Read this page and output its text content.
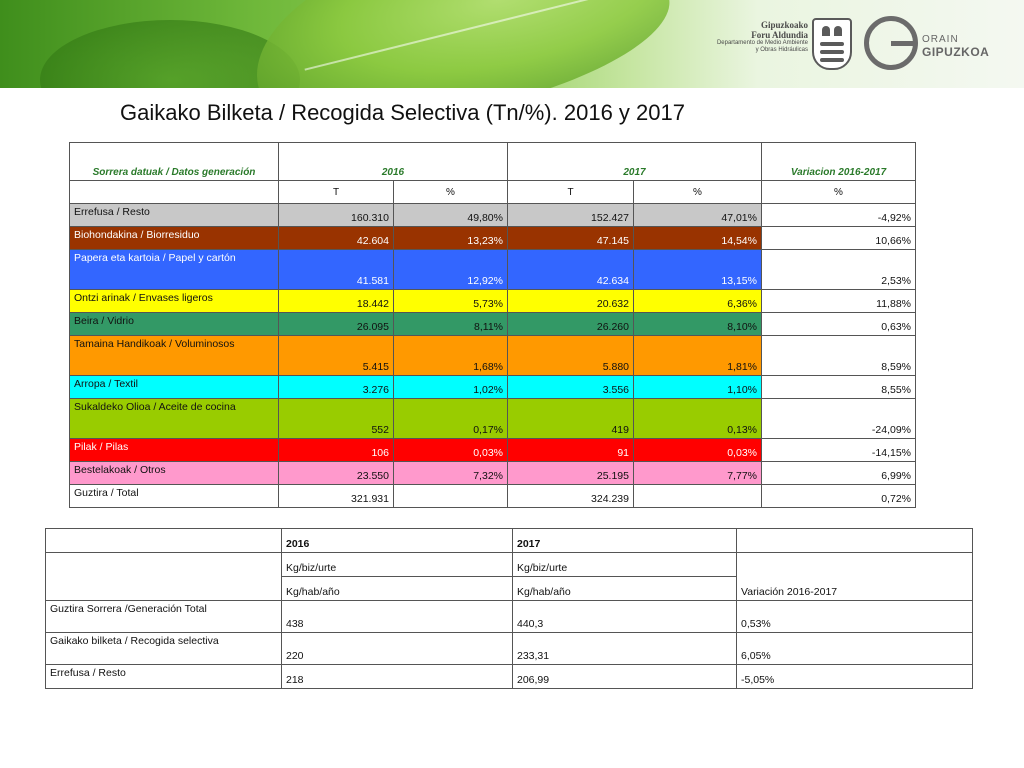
Gipuzkoako
Foru Aldundia
Departamento de Medio Ambiente
y Obras Hidráulicas
ORAIN
GIPUZKOA
Gaikako Bilketa / Recogida Selectiva (Tn/%). 2016 y 2017
Sorrera datuak / Datos generación	2016		2017		Variacion 2016-2017
	T	%	T	%	%
Errefusa / Resto	160.310	49,80%	152.427	47,01%	-4,92%
Biohondakina / Biorresiduo	42.604	13,23%	47.145	14,54%	10,66%
Papera eta kartoia / Papel y cartón	41.581	12,92%	42.634	13,15%	2,53%
Ontzi arinak / Envases ligeros	18.442	5,73%	20.632	6,36%	11,88%
Beira / Vidrio	26.095	8,11%	26.260	8,10%	0,63%
Tamaina Handikoak / Voluminosos	5.415	1,68%	5.880	1,81%	8,59%
Arropa / Textil	3.276	1,02%	3.556	1,10%	8,55%
Sukaldeko Olioa / Aceite de cocina	552	0,17%	419	0,13%	-24,09%
Pilak / Pilas	106	0,03%	91	0,03%	-14,15%
Bestelakoak / Otros	23.550	7,32%	25.195	7,77%	6,99%
Guztira / Total	321.931		324.239		0,72%
	2016	2017	
	Kg/biz/urte	Kg/biz/urte	Variación 2016-2017
	Kg/hab/año	Kg/hab/año	
Guztira Sorrera /Generación Total	438	440,3	0,53%
Gaikako bilketa / Recogida selectiva	220	233,31	6,05%
Errefusa / Resto	218	206,99	-5,05%
